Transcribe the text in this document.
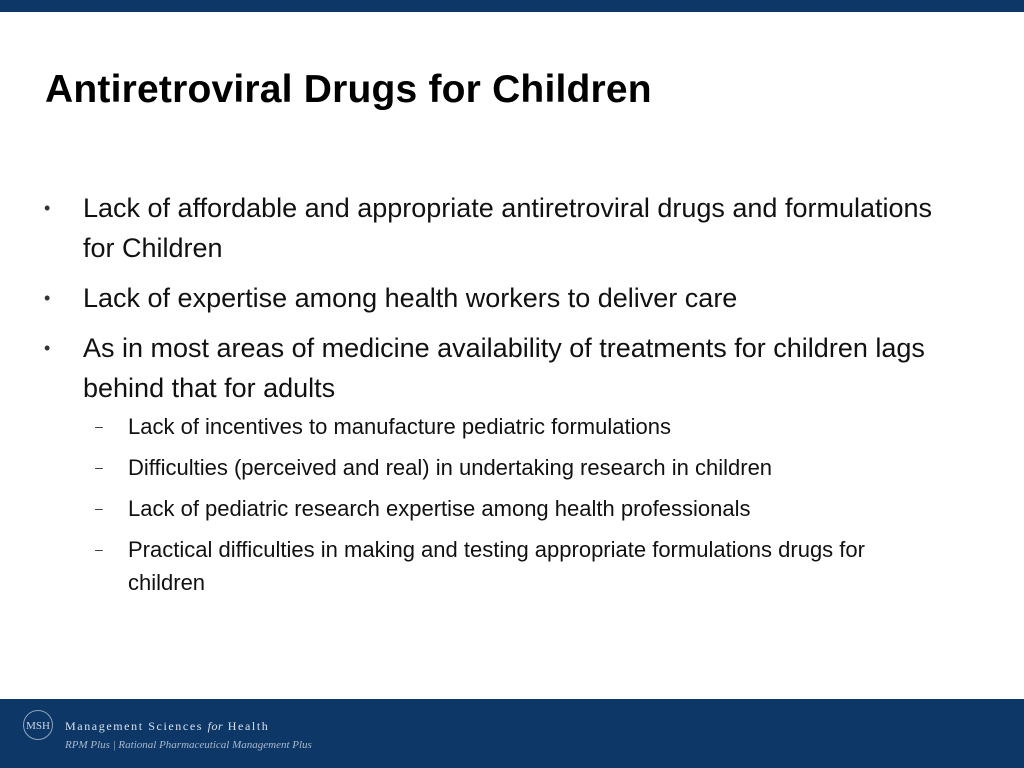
Antiretroviral Drugs for Children
• Lack of affordable and appropriate antiretroviral drugs and formulations for Children
• Lack of expertise among health workers to deliver care
• As in most areas of medicine availability of treatments for children lags behind that for adults
– Lack of incentives to manufacture pediatric formulations
– Difficulties (perceived and real) in undertaking research in children
– Lack of pediatric research expertise among health professionals
– Practical difficulties in making and testing appropriate formulations drugs for children
MSH Management Sciences for Health
RPM Plus | Rational Pharmaceutical Management Plus
